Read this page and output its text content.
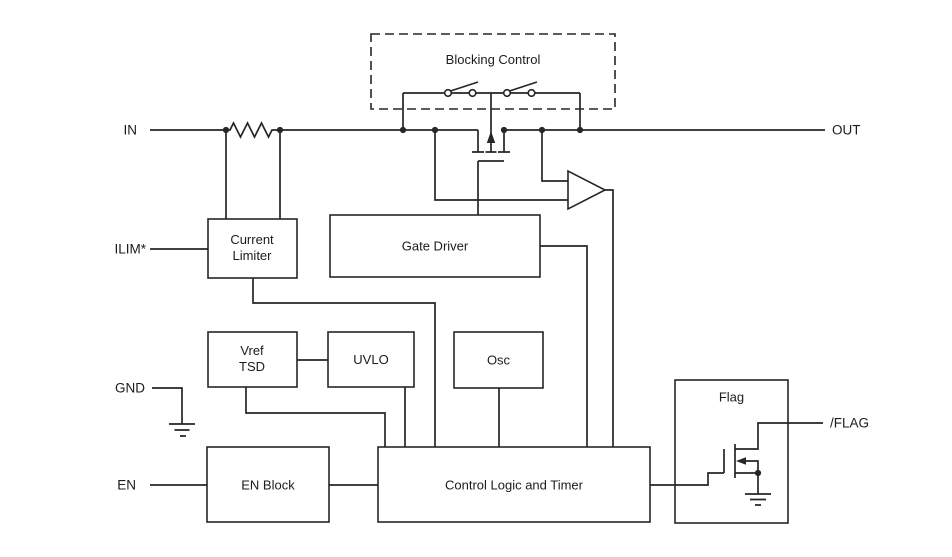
IN	OUT
ILIM*
GND
EN
/FLAG
Blocking Control
Current
Limiter
Gate Driver
Vref
TSD	UVLO	Osc
EN Block	Control Logic and Timer
Flag
